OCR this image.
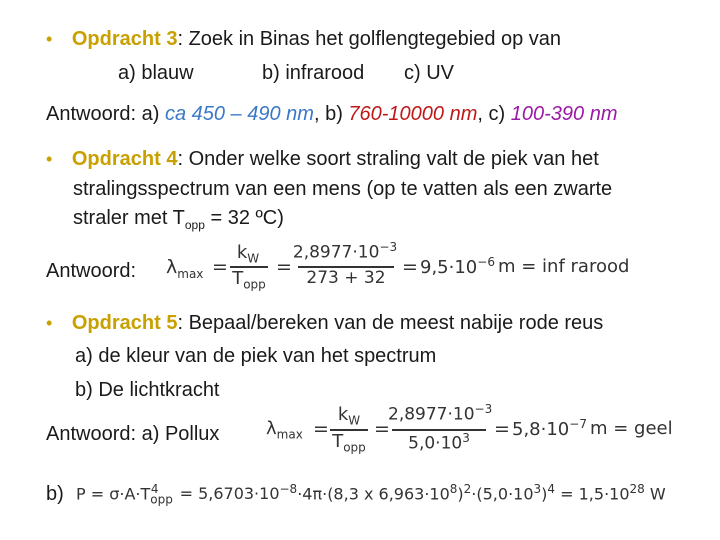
• Opdracht 3: Zoek in Binas het golflengtegebied op van
a) blauw	b) infrarood c) UV
Antwoord: a) ca 450 – 490 nm, b) 760-10000 nm, c) 100-390 nm
• Opdracht 4: Onder welke soort straling valt de piek van het
stralingsspectrum van een mens (op te vatten als een zwarte
straler met $T_{opp} = 32$ ºC)
Antwoord: $\lambda_{max}$ =
$k_W$
$T_{opp}$
=
$2,8977\cdot 10^{-3}$
$273 + 32 = 9,5\cdot 10^{-6}$ m = inf rarood
• Opdracht 5: Bepaal/bereken van de meest nabije rode reus
a) de kleur van de piek van het spectrum
b) De lichtkracht
Antwoord: a) Pollux	$\lambda_{max}$ =
$k_W$
$T_{opp}$
=
$2,8977\cdot 10^{-3}$
$5,0\cdot 10^3$	= $5,8\cdot 10^{-7}$ m = geel
b) $P = \sigma\cdot A\cdot T_{opp}^4 = 5,6703\cdot 10^{-8}\cdot 4\pi\cdot(8,3$ x $6,963\cdot 10^8)^2\cdot(5,0\cdot 10^3)^4 = 1,5\cdot 10^{28}$ W
